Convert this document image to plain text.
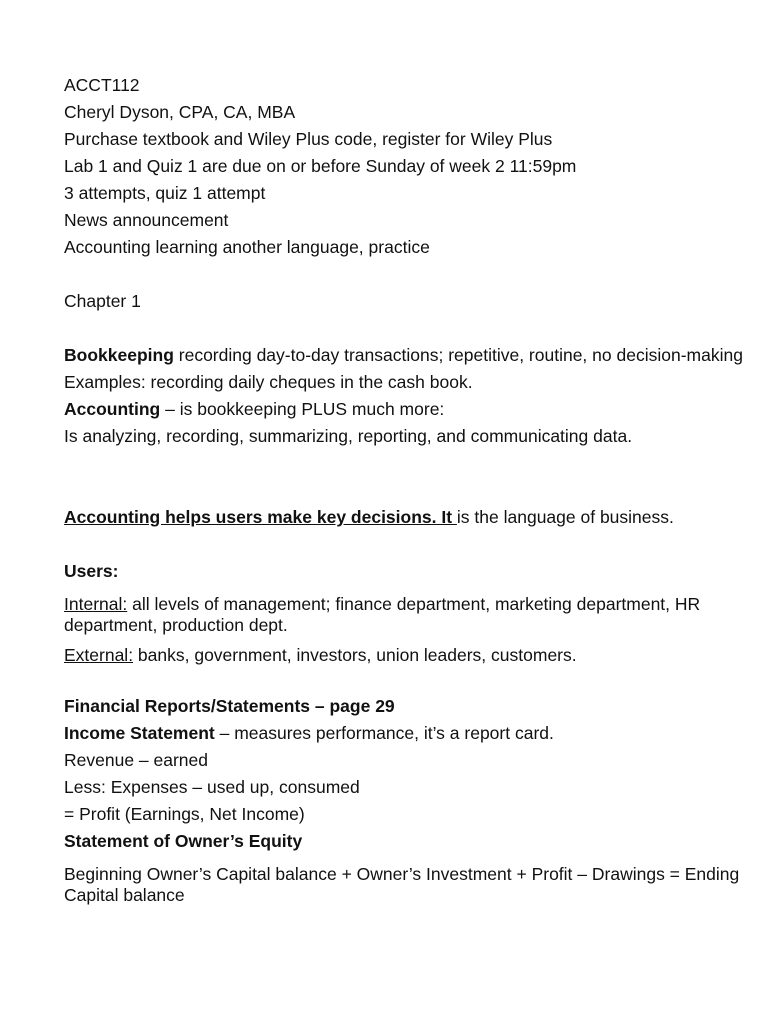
ACCT112
Cheryl Dyson, CPA, CA, MBA
Purchase textbook and Wiley Plus code, register for Wiley Plus
Lab 1 and Quiz 1 are due on or before Sunday of week 2 11:59pm
3 attempts, quiz 1 attempt
News announcement
Accounting learning another language, practice
Chapter 1
Bookkeeping recording day-to-day transactions; repetitive, routine, no decision-making
Examples: recording daily cheques in the cash book.
Accounting – is bookkeeping PLUS much more:
Is analyzing, recording, summarizing, reporting, and communicating data.
Accounting helps users make key decisions. It is the language of business.
Users:
Internal: all levels of management; finance department, marketing department, HR department, production dept.
External: banks, government, investors, union leaders, customers.
Financial Reports/Statements – page 29
Income Statement – measures performance, it’s a report card.
Revenue – earned
Less: Expenses – used up, consumed
= Profit (Earnings, Net Income)
Statement of Owner’s Equity
Beginning Owner’s Capital balance + Owner’s Investment + Profit – Drawings = Ending Capital balance
